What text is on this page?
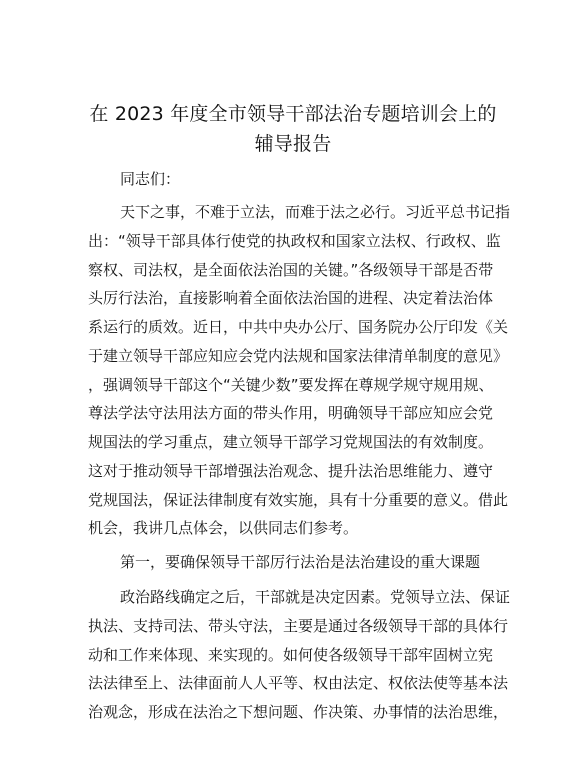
在 2023 年度全市领导干部法治专题培训会上的
辅导报告
同志们：
天下之事，不难于立法，而难于法之必行。习近平总书记指
出：“领导干部具体行使党的执政权和国家立法权、行政权、监
察权、司法权，是全面依法治国的关键。”各级领导干部是否带
头厉行法治，直接影响着全面依法治国的进程、决定着法治体
系运行的质效。近日，中共中央办公厅、国务院办公厅印发《关
于建立领导干部应知应会党内法规和国家法律清单制度的意见》
，强调领导干部这个“关键少数”要发挥在尊规学规守规用规、
尊法学法守法用法方面的带头作用，明确领导干部应知应会党
规国法的学习重点，建立领导干部学习党规国法的有效制度。
这对于推动领导干部增强法治观念、提升法治思维能力、遵守
党规国法，保证法律制度有效实施，具有十分重要的意义。借此
机会，我讲几点体会，以供同志们参考。
第一，要确保领导干部厉行法治是法治建设的重大课题
政治路线确定之后，干部就是决定因素。党领导立法、保证
执法、支持司法、带头守法，主要是通过各级领导干部的具体行
动和工作来体现、来实现的。如何使各级领导干部牢固树立宪
法法律至上、法律面前人人平等、权由法定、权依法使等基本法
治观念，形成在法治之下想问题、作决策、办事情的法治思维，
